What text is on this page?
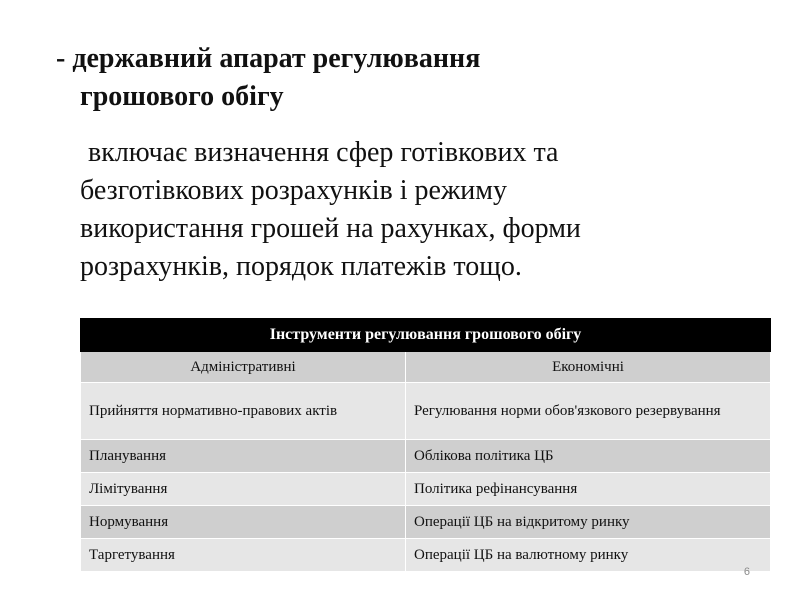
- державний апарат регулювання
грошового обігу
включає визначення сфер готівкових та
безготівкових розрахунків і режиму
використання грошей на рахунках, форми
розрахунків, порядок платежів тощо.
Інструменти регулювання грошового обігу	
Адміністративні	Економічні
Прийняття нормативно-правових актів	Регулювання норми обов'язкового резервування
Планування	Облікова політика ЦБ
Лімітування	Політика рефінансування
Нормування	Операції ЦБ на відкритому ринку
Таргетування	Операції ЦБ на валютному ринку
6
